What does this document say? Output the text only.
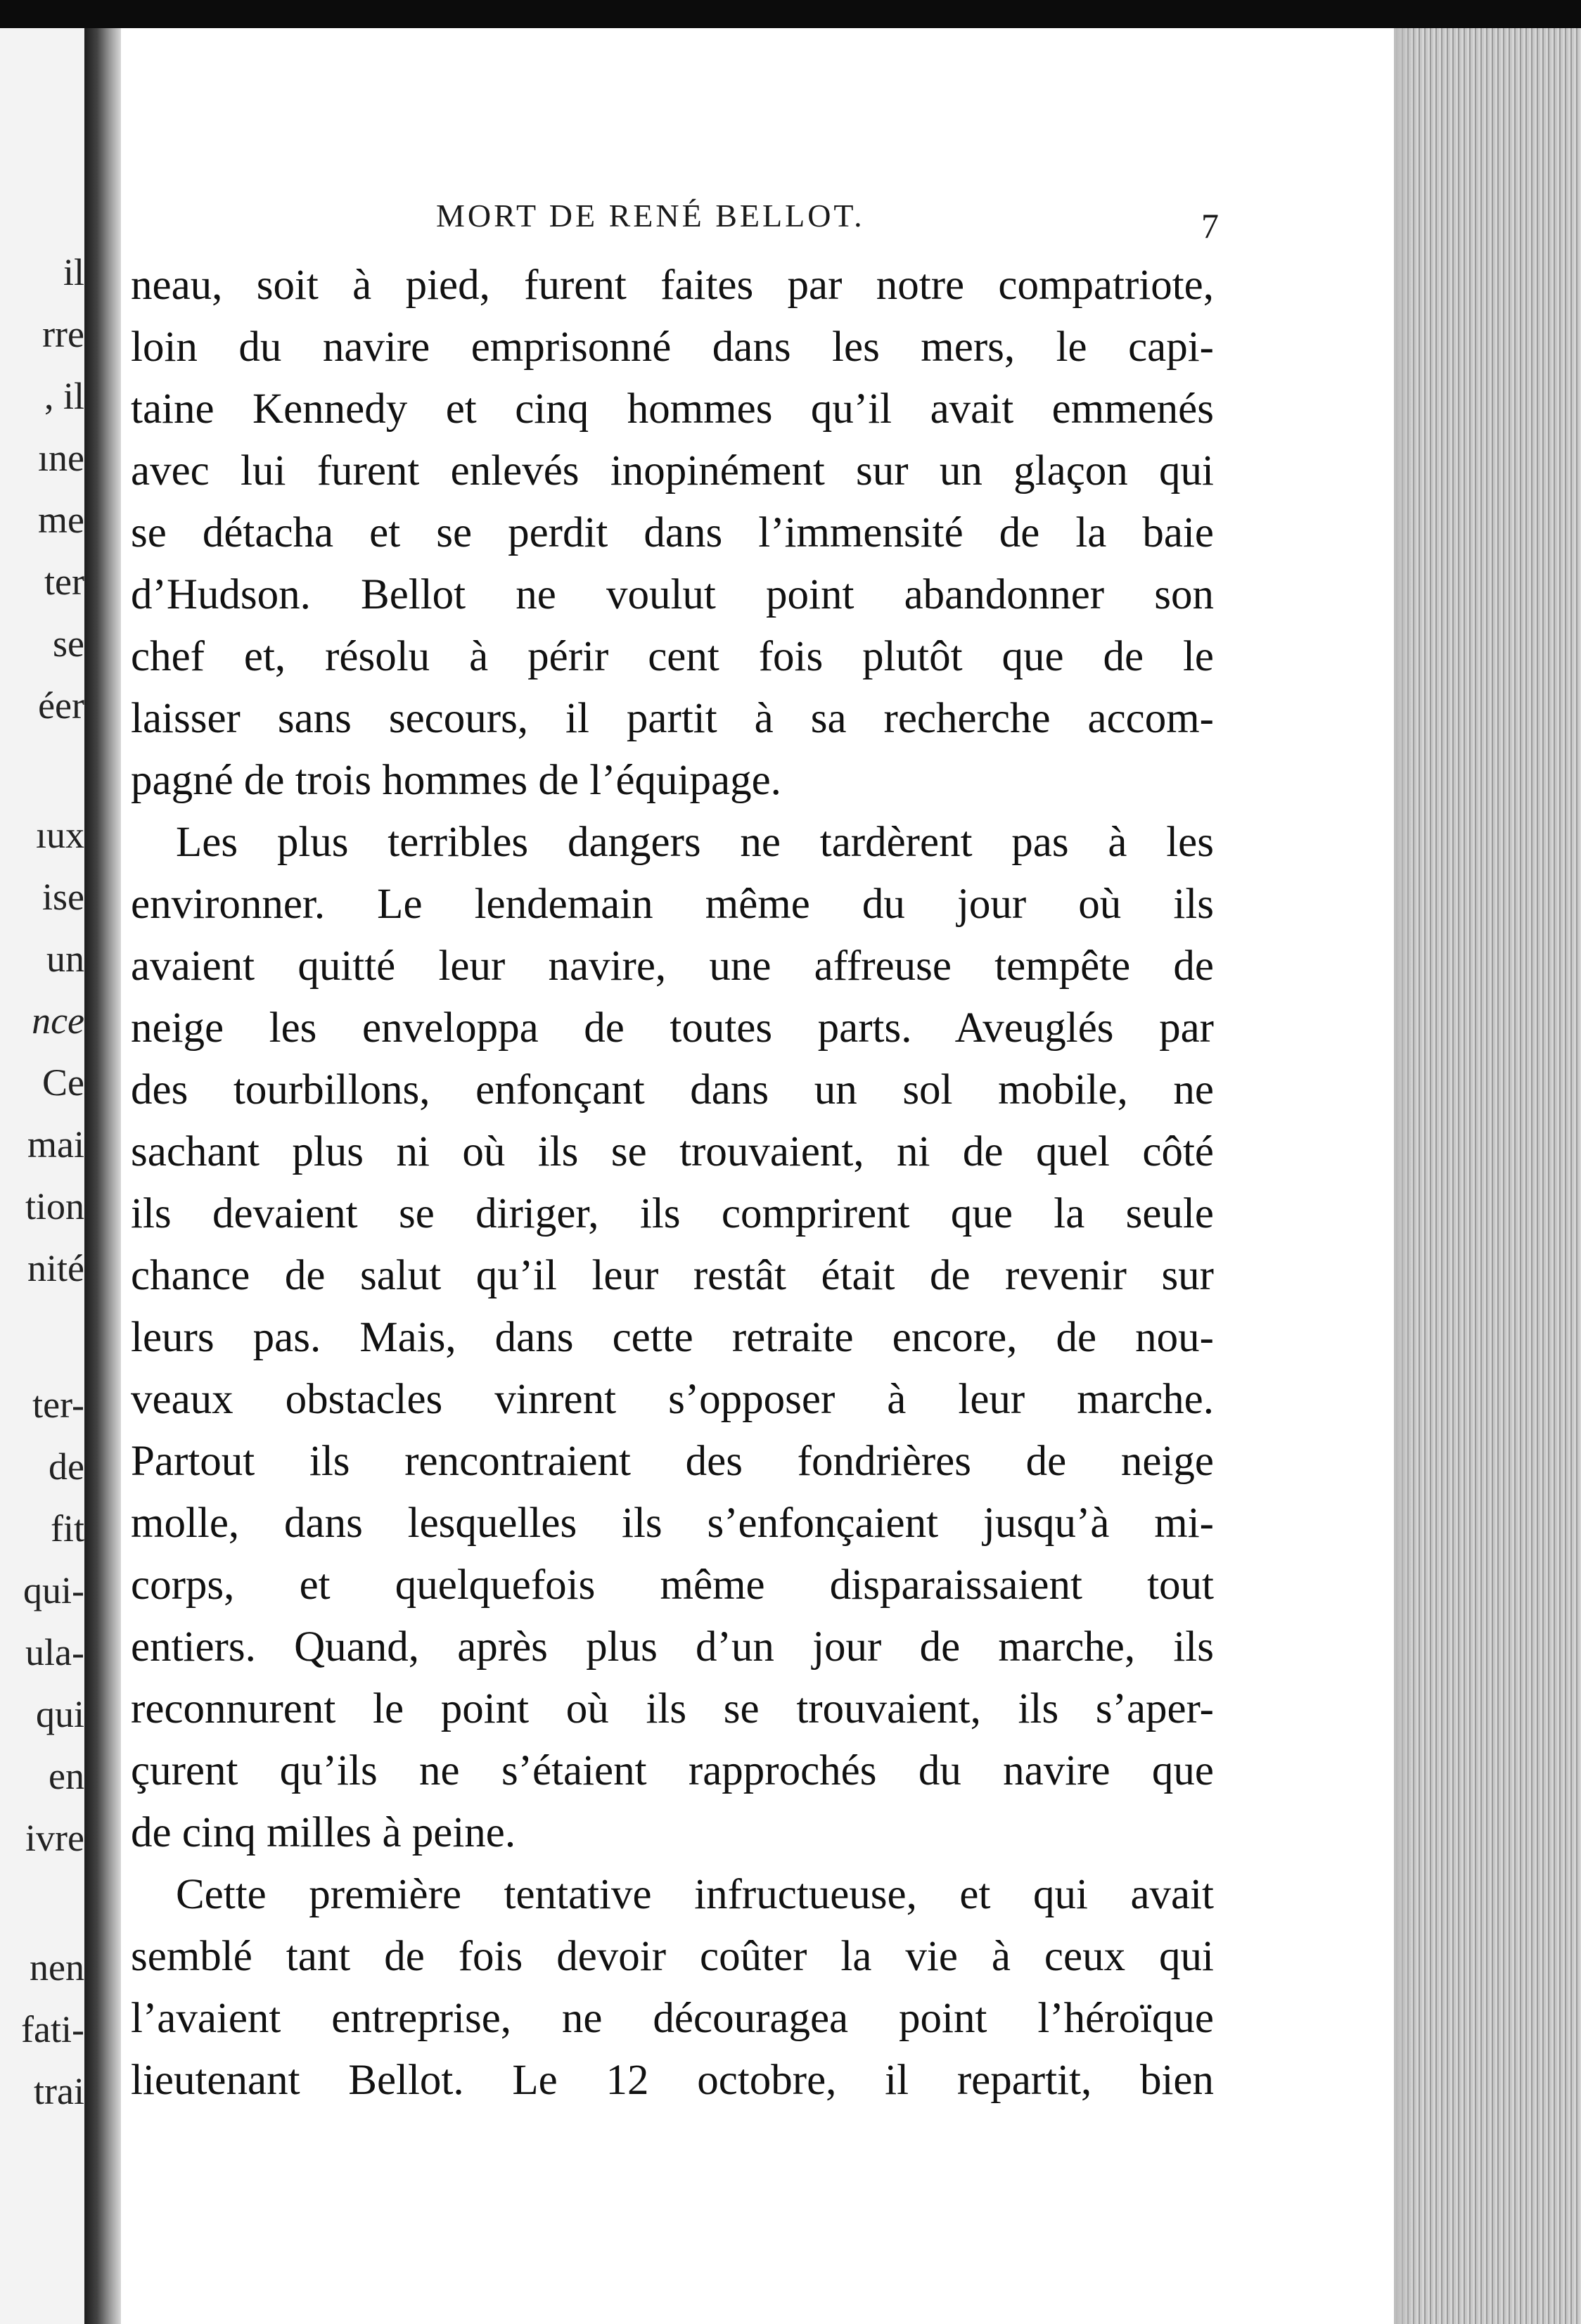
il

rre

, il

ıne

me

ter

se

éer

ıux

ise

un

nce

Ce

mai

tion

nité

ter-

de

fit

qui-

ula-

qui

en

ivre

nen

fati-

trai

MORT DE RENÉ BELLOT.	7

neau, soit à pied, furent faites par notre compatriote,
loin du navire emprisonné dans les mers, le capi-
taine Kennedy et cinq hommes qu’il avait emmenés
avec lui furent enlevés inopinément sur un glaçon qui
se détacha et se perdit dans l’immensité de la baie
d’Hudson. Bellot ne voulut point abandonner son
chef et, résolu à périr cent fois plutôt que de le
laisser sans secours, il partit à sa recherche accom-
pagné de trois hommes de l’équipage.
Les plus terribles dangers ne tardèrent pas à les
environner. Le lendemain même du jour où ils
avaient quitté leur navire, une affreuse tempête de
neige les enveloppa de toutes parts. Aveuglés par
des tourbillons, enfonçant dans un sol mobile, ne
sachant plus ni où ils se trouvaient, ni de quel côté
ils devaient se diriger, ils comprirent que la seule
chance de salut qu’il leur restât était de revenir sur
leurs pas. Mais, dans cette retraite encore, de nou-
veaux obstacles vinrent s’opposer à leur marche.
Partout ils rencontraient des fondrières de neige
molle, dans lesquelles ils s’enfonçaient jusqu’à mi-
corps, et quelquefois même disparaissaient tout
entiers. Quand, après plus d’un jour de marche, ils
reconnurent le point où ils se trouvaient, ils s’aper-
çurent qu’ils ne s’étaient rapprochés du navire que
de cinq milles à peine.
Cette première tentative infructueuse, et qui avait
semblé tant de fois devoir coûter la vie à ceux qui
l’avaient entreprise, ne découragea point l’héroïque
lieutenant Bellot. Le 12 octobre, il repartit, bien
